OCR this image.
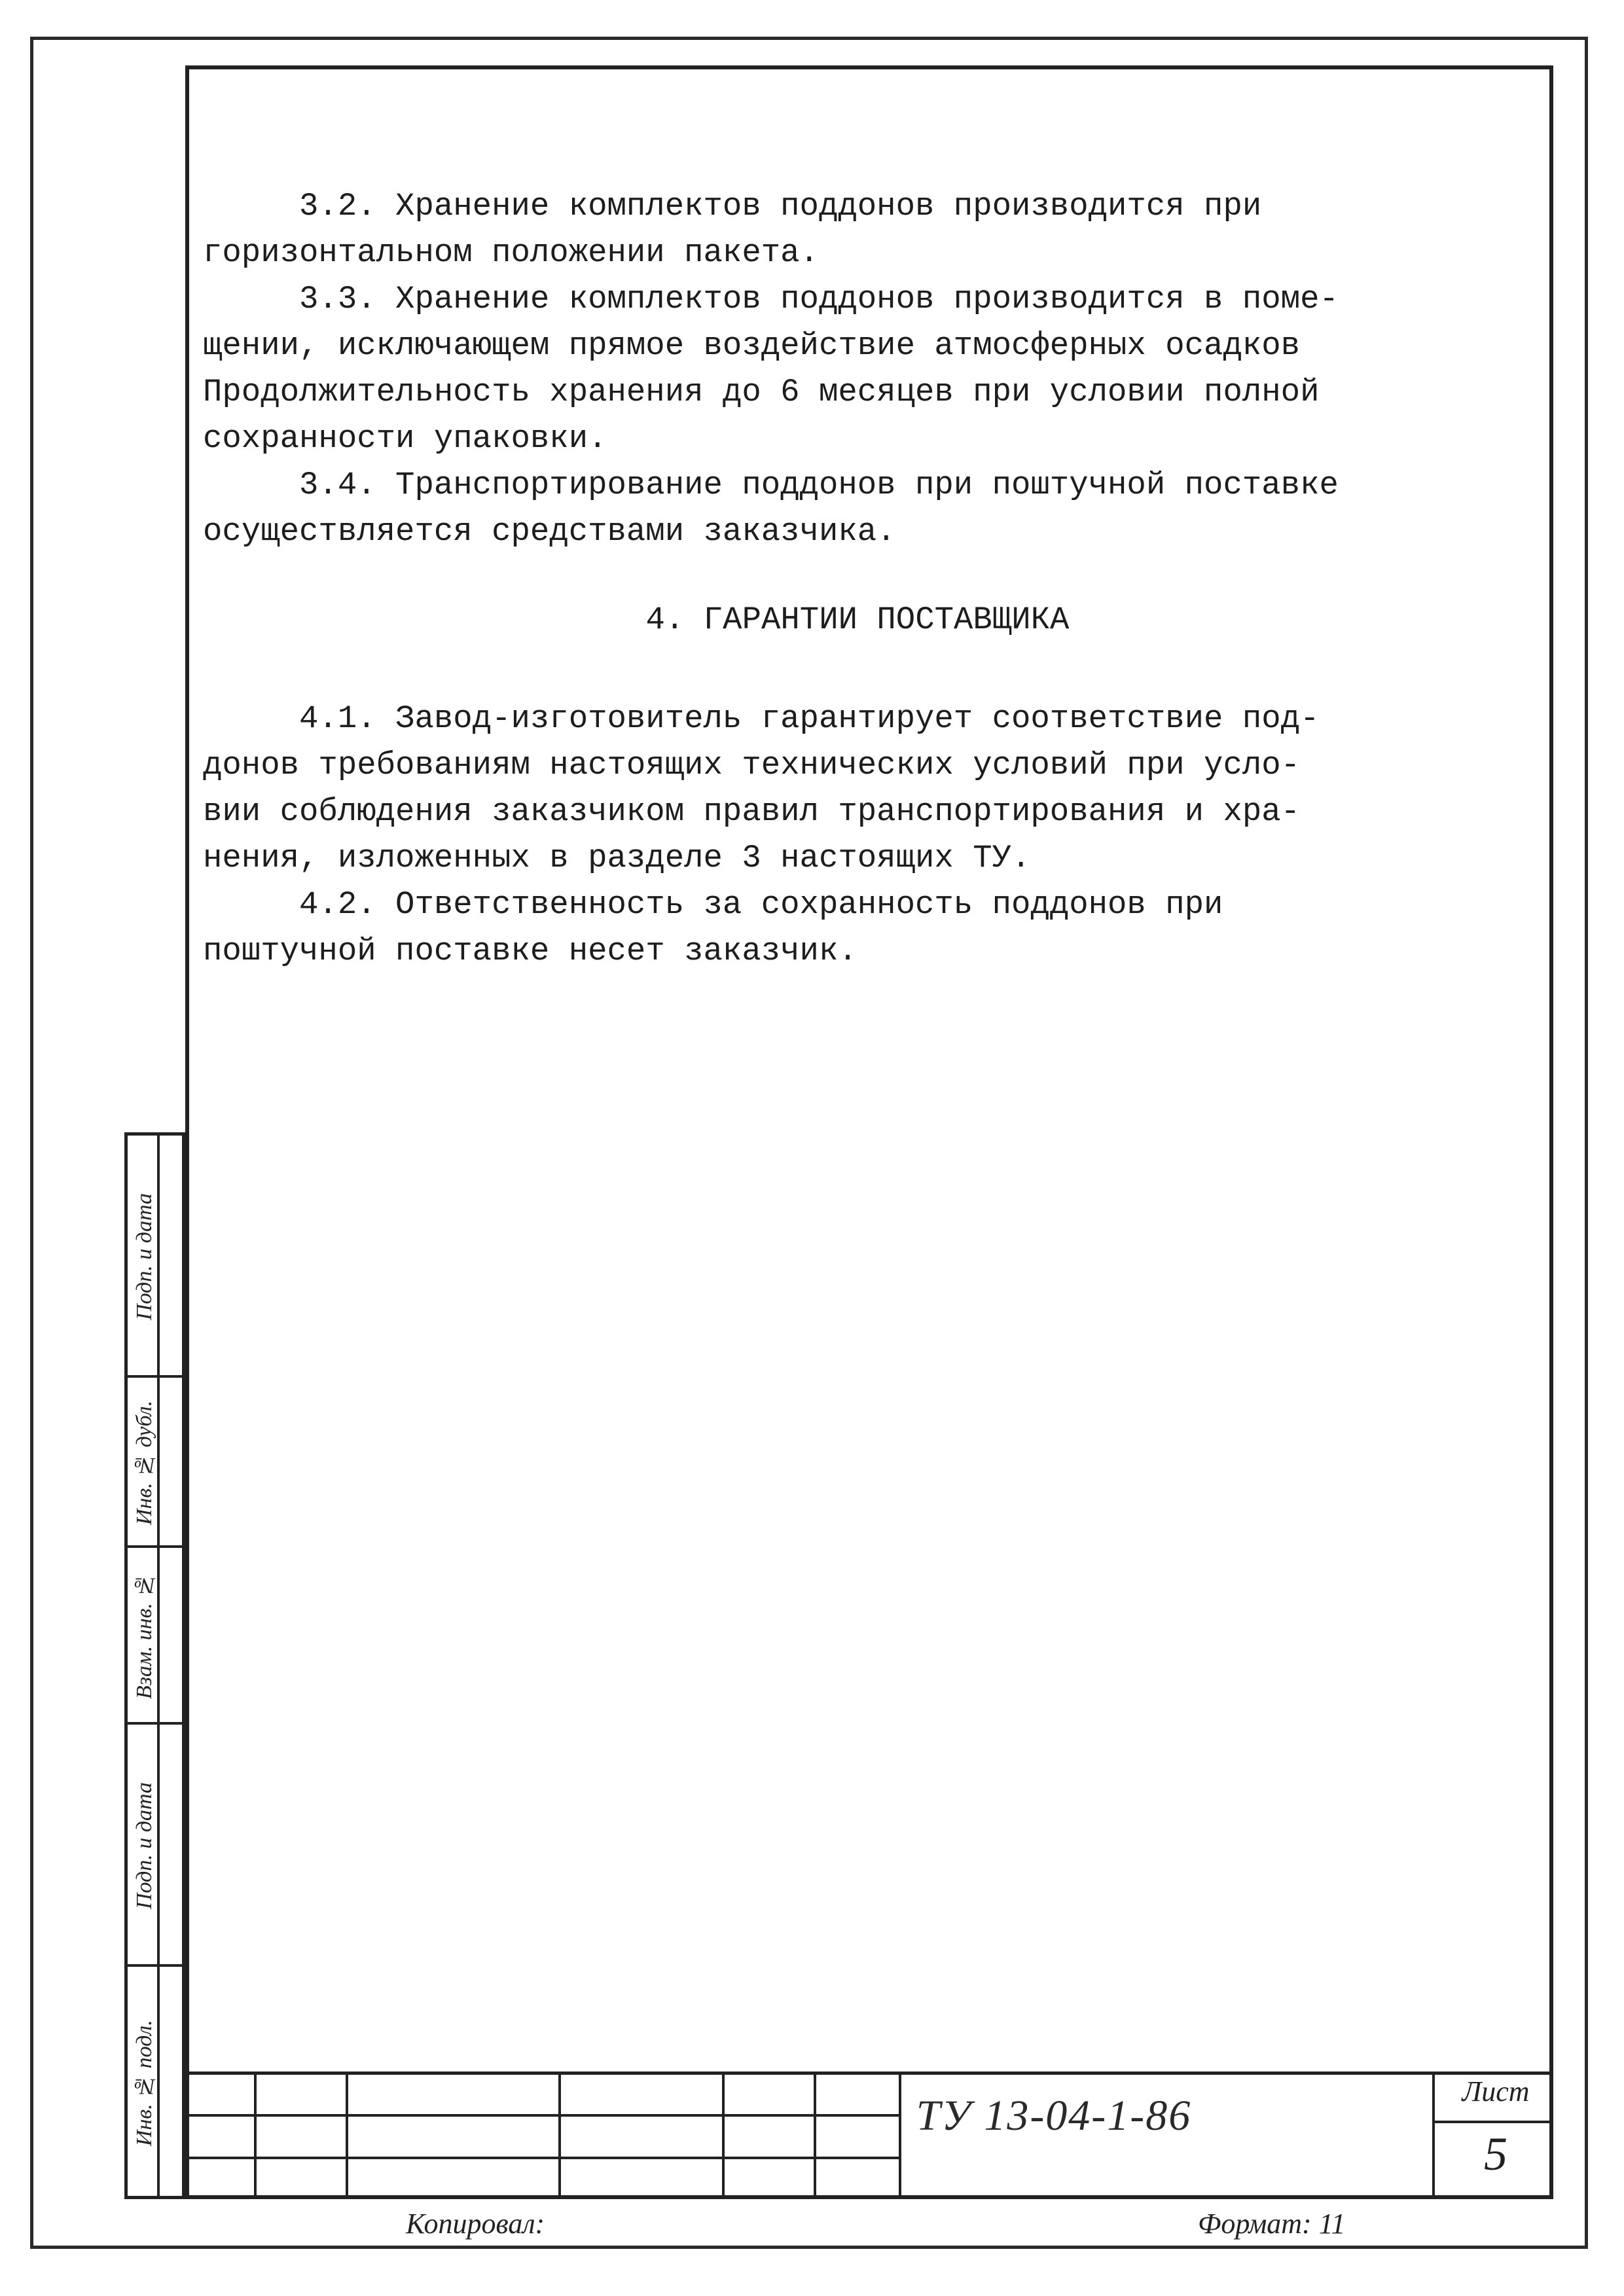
Подп. и дата
Инв. № дубл.
Взам. инв. №
Подп. и дата
Инв. № подл.
3.2. Хранение комплектов поддонов производится при
горизонтальном положении пакета.
3.3. Хранение комплектов поддонов производится в поме-
щении, исключающем прямое воздействие атмосферных осадков
Продолжительность хранения до 6 месяцев при условии полной
сохранности упаковки.
3.4. Транспортирование поддонов при поштучной поставке
осуществляется средствами заказчика.
4. ГАРАНТИИ ПОСТАВЩИКА
4.1. Завод-изготовитель гарантирует соответствие под-
донов требованиям настоящих технических условий при усло-
вии соблюдения заказчиком правил транспортирования и хра-
нения, изложенных в разделе 3 настоящих ТУ.
4.2. Ответственность за сохранность поддонов при
поштучной поставке несет заказчик.
ТУ 13-04-1-86
Лист
5
Копировал:	Формат: 11
